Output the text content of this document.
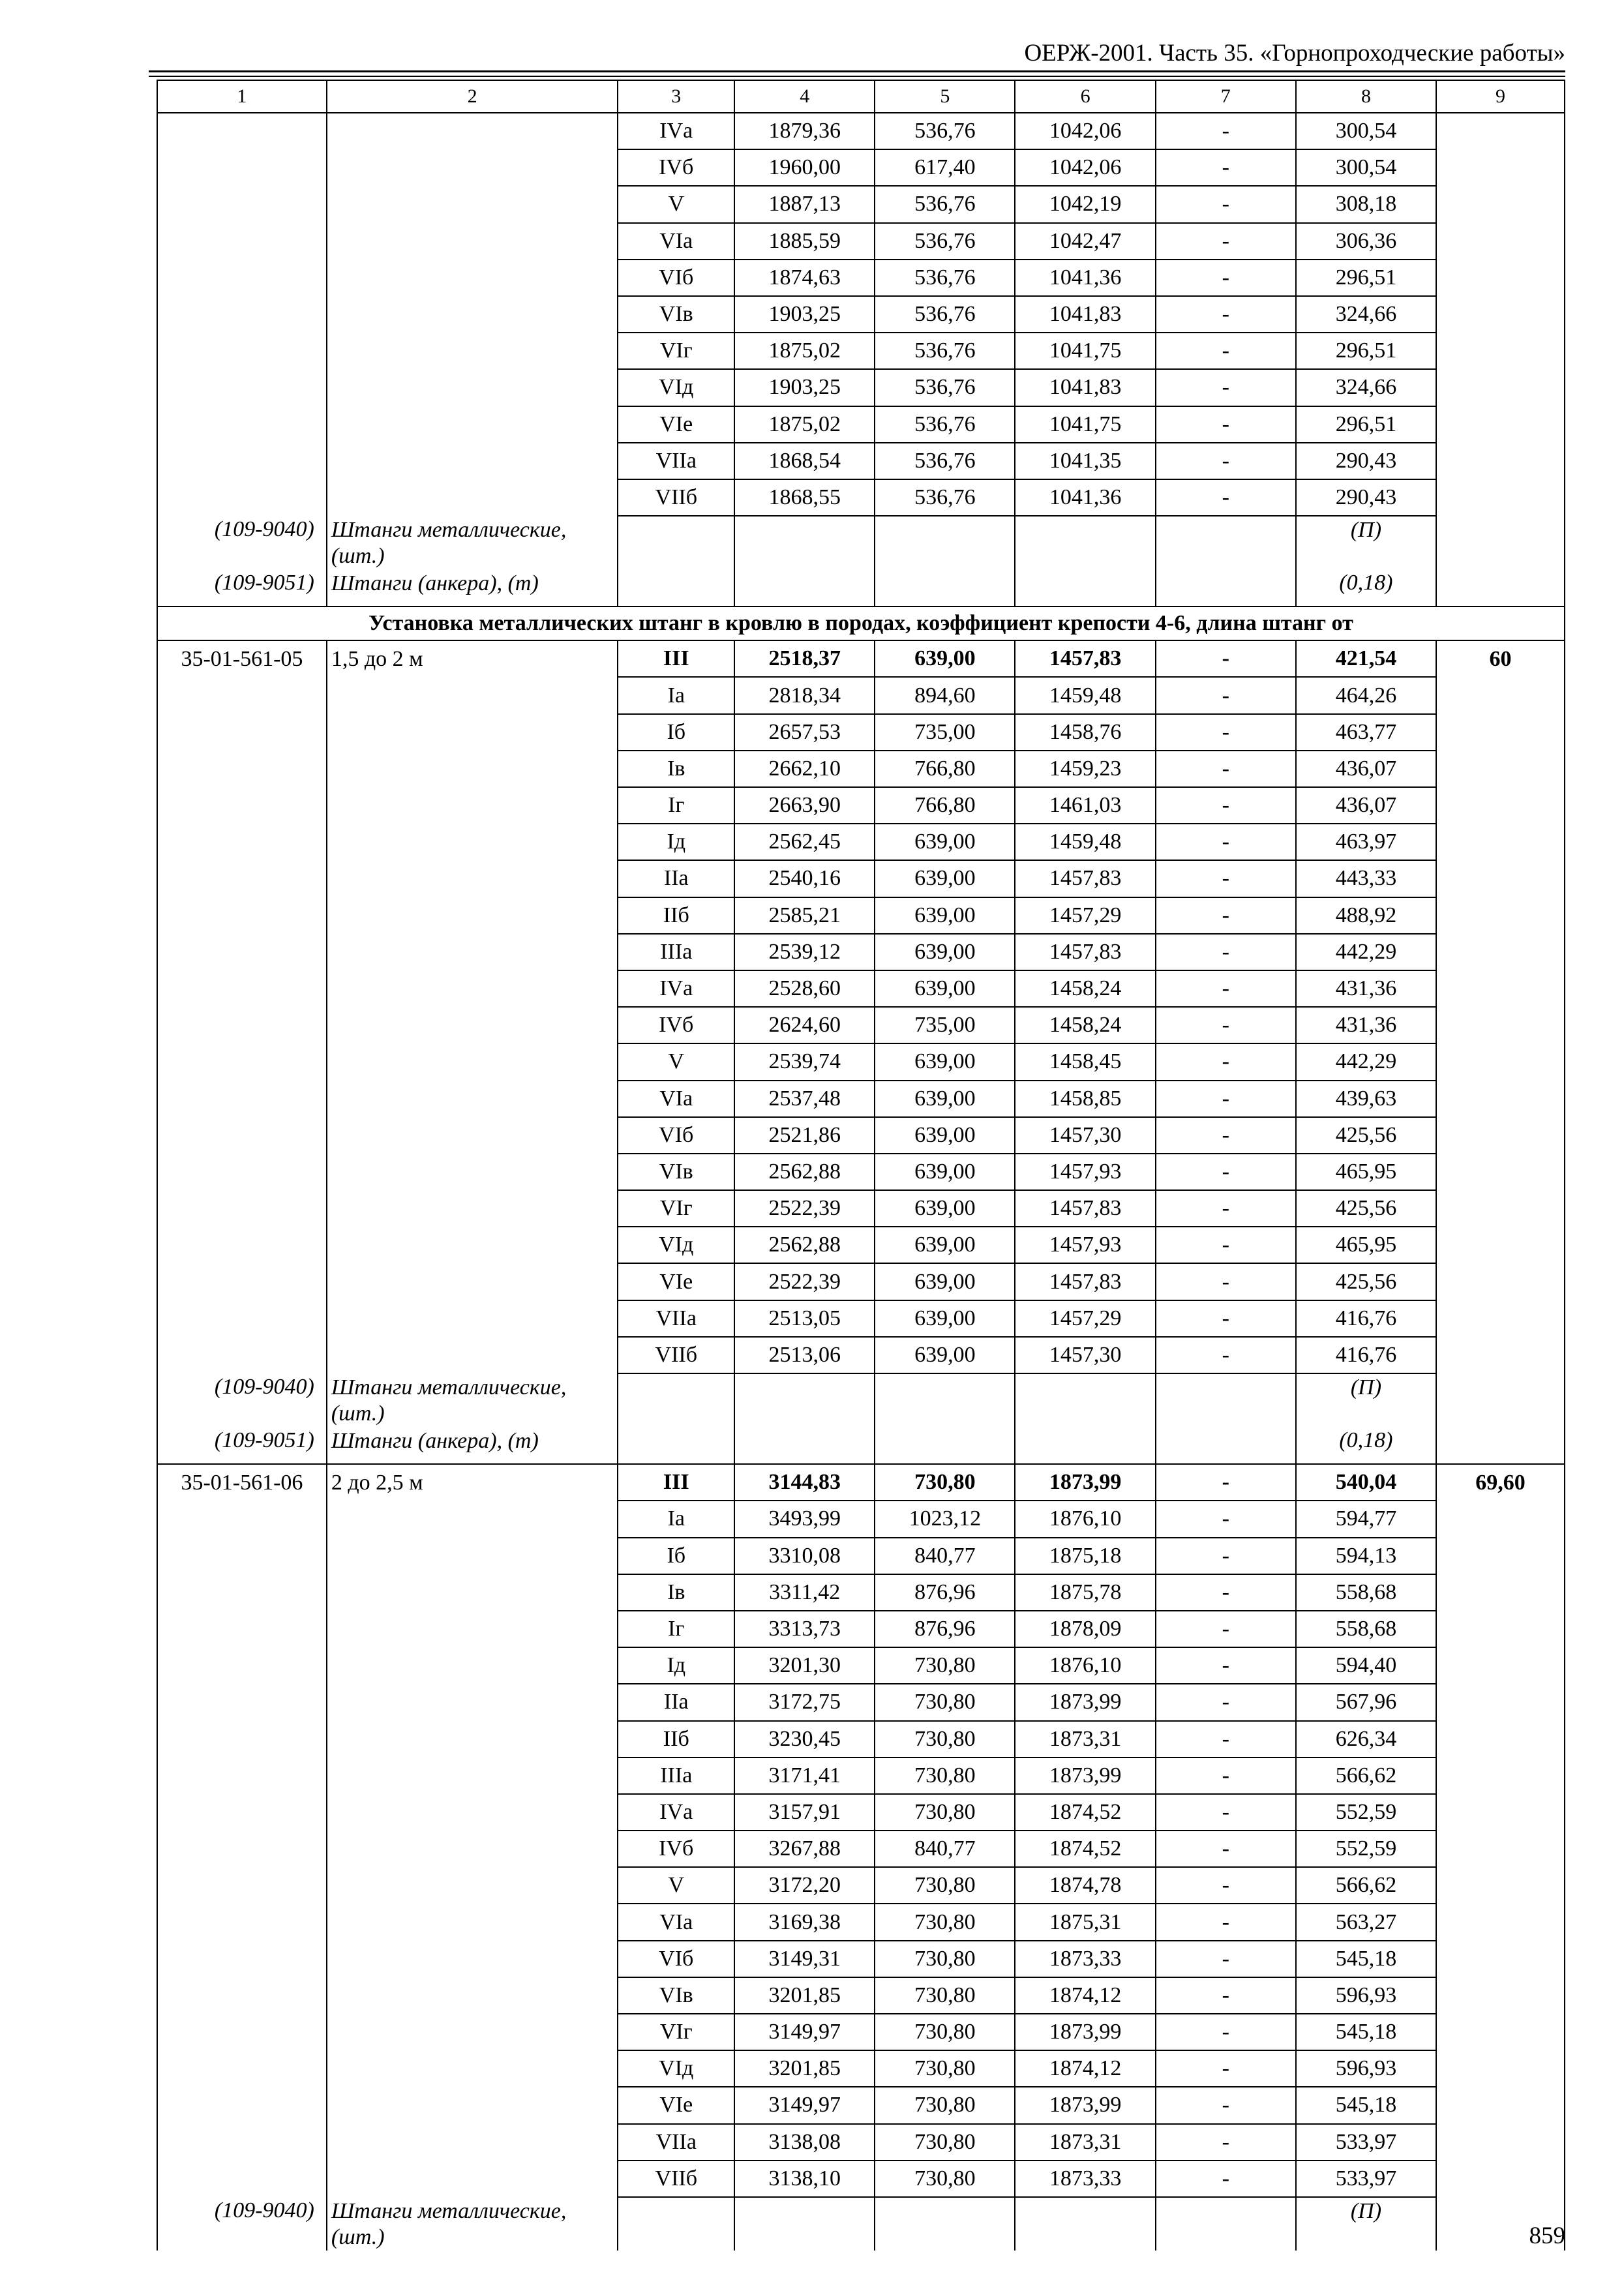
ОЕРЖ-2001. Часть 35. «Горнопроходческие работы»
1	2	3	4	5	6	7	8	9
		IVа	1879,36	536,76	1042,06	-	300,54	
		IVб	1960,00	617,40	1042,06	-	300,54	
		V	1887,13	536,76	1042,19	-	308,18	
		VIа	1885,59	536,76	1042,47	-	306,36	
		VIб	1874,63	536,76	1041,36	-	296,51	
		VIв	1903,25	536,76	1041,83	-	324,66	
		VIг	1875,02	536,76	1041,75	-	296,51	
		VIд	1903,25	536,76	1041,83	-	324,66	
		VIе	1875,02	536,76	1041,75	-	296,51	
		VIIа	1868,54	536,76	1041,35	-	290,43	
		VIIб	1868,55	536,76	1041,36	-	290,43	
(109-9040)	Штанги металлические, (шт.)						(П)	
(109-9051)	Штанги (анкера), (т)						(0,18)	
Установка металлических штанг в кровлю в породах, коэффициент крепости 4-6, длина штанг от								
35-01-561-05	1,5 до 2 м	III	2518,37	639,00	1457,83	-	421,54	60
		Iа	2818,34	894,60	1459,48	-	464,26	
		Iб	2657,53	735,00	1458,76	-	463,77	
		Iв	2662,10	766,80	1459,23	-	436,07	
		Iг	2663,90	766,80	1461,03	-	436,07	
		Iд	2562,45	639,00	1459,48	-	463,97	
		IIа	2540,16	639,00	1457,83	-	443,33	
		IIб	2585,21	639,00	1457,29	-	488,92	
		IIIа	2539,12	639,00	1457,83	-	442,29	
		IVа	2528,60	639,00	1458,24	-	431,36	
		IVб	2624,60	735,00	1458,24	-	431,36	
		V	2539,74	639,00	1458,45	-	442,29	
		VIа	2537,48	639,00	1458,85	-	439,63	
		VIб	2521,86	639,00	1457,30	-	425,56	
		VIв	2562,88	639,00	1457,93	-	465,95	
		VIг	2522,39	639,00	1457,83	-	425,56	
		VIд	2562,88	639,00	1457,93	-	465,95	
		VIе	2522,39	639,00	1457,83	-	425,56	
		VIIа	2513,05	639,00	1457,29	-	416,76	
		VIIб	2513,06	639,00	1457,30	-	416,76	
(109-9040)	Штанги металлические, (шт.)						(П)	
(109-9051)	Штанги (анкера), (т)						(0,18)	
35-01-561-06	2 до 2,5 м	III	3144,83	730,80	1873,99	-	540,04	69,60
		Iа	3493,99	1023,12	1876,10	-	594,77	
		Iб	3310,08	840,77	1875,18	-	594,13	
		Iв	3311,42	876,96	1875,78	-	558,68	
		Iг	3313,73	876,96	1878,09	-	558,68	
		Iд	3201,30	730,80	1876,10	-	594,40	
		IIа	3172,75	730,80	1873,99	-	567,96	
		IIб	3230,45	730,80	1873,31	-	626,34	
		IIIа	3171,41	730,80	1873,99	-	566,62	
		IVа	3157,91	730,80	1874,52	-	552,59	
		IVб	3267,88	840,77	1874,52	-	552,59	
		V	3172,20	730,80	1874,78	-	566,62	
		VIа	3169,38	730,80	1875,31	-	563,27	
		VIб	3149,31	730,80	1873,33	-	545,18	
		VIв	3201,85	730,80	1874,12	-	596,93	
		VIг	3149,97	730,80	1873,99	-	545,18	
		VIд	3201,85	730,80	1874,12	-	596,93	
		VIе	3149,97	730,80	1873,99	-	545,18	
		VIIа	3138,08	730,80	1873,31	-	533,97	
		VIIб	3138,10	730,80	1873,33	-	533,97	
(109-9040)	Штанги металлические, (шт.)						(П)	
859
